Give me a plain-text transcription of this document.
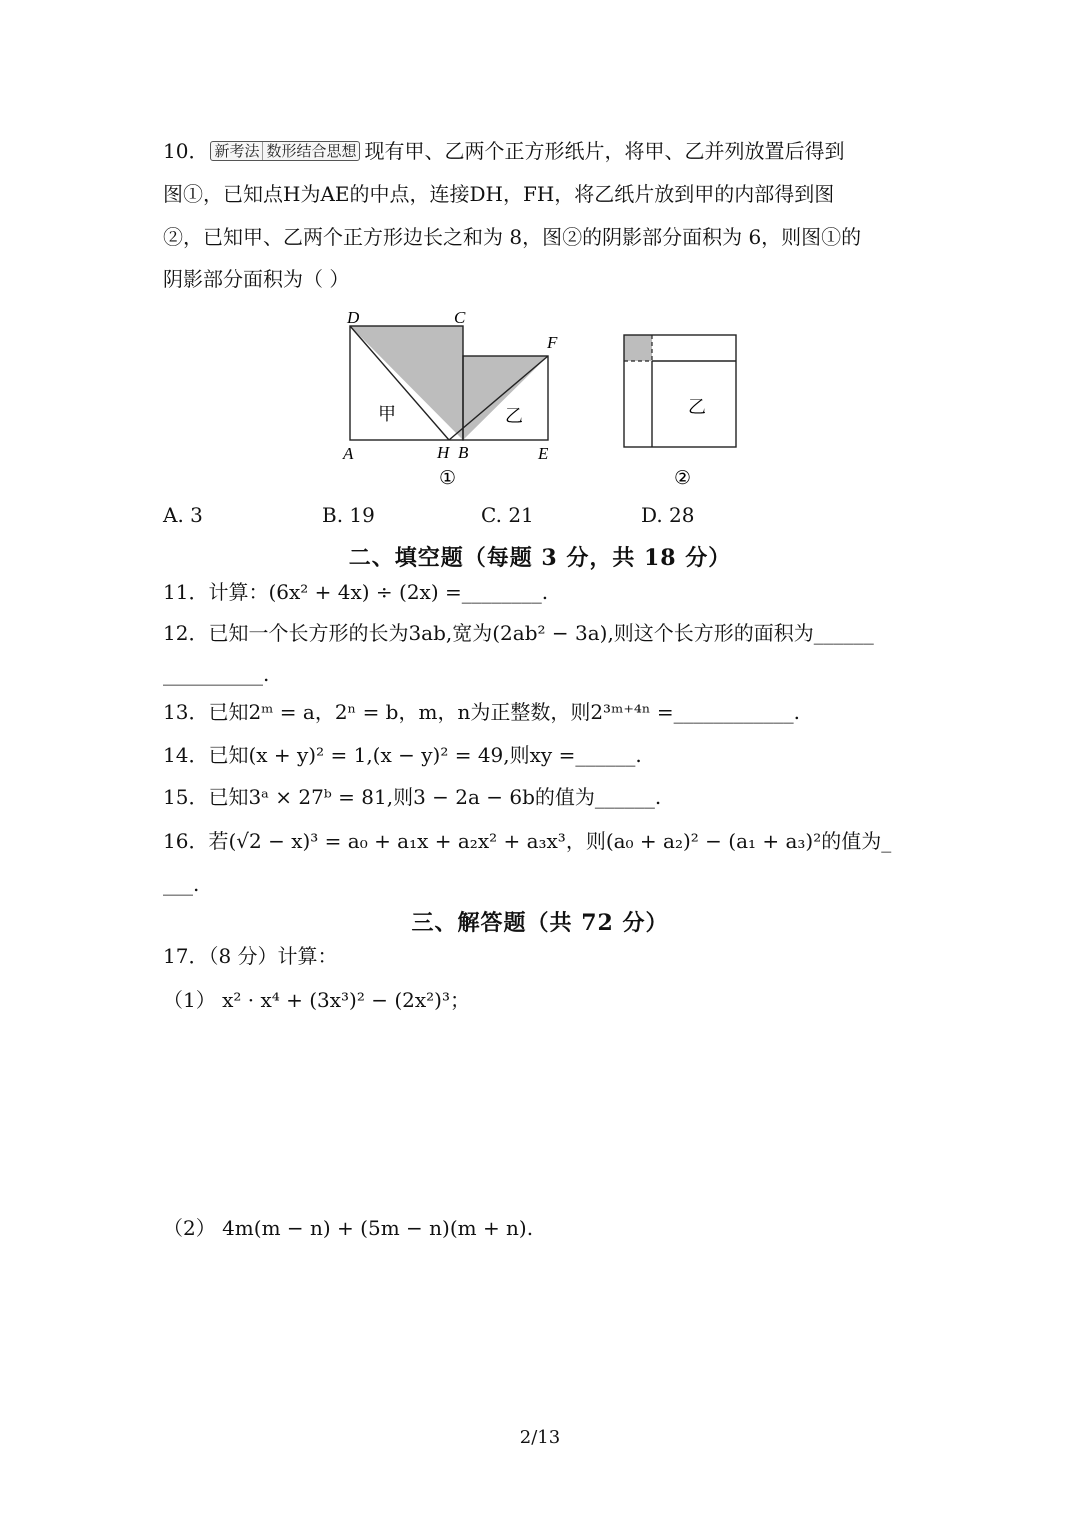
10． 新考法 数形结合思想 现有甲、乙两个正方形纸片，将甲、乙并列放置后得到
图①，已知点H为AE的中点，连接DH，FH，将乙纸片放到甲的内部得到图
②，已知甲、乙两个正方形边长之和为 8，图②的阴影部分面积为 6，则图①的
阴影部分面积为（ ）
D	C
F
A	H B	E
甲	乙
①
乙
②
A. 3	B. 19	C. 21	D. 28
二、填空题（每题 3 分，共 18 分）
11．计算：(6x² + 4x) ÷ (2x) =________.
12．已知一个长方形的长为3ab,宽为(2ab² − 3a),则这个长方形的面积为______
__________.
13．已知2ᵐ = a，2ⁿ = b，m，n为正整数，则2³ᵐ⁺⁴ⁿ =____________.
14．已知(x + y)² = 1,(x − y)² = 49,则xy =______.
15．已知3ᵃ × 27ᵇ = 81,则3 − 2a − 6b的值为______.
16．若(√2 − x)³ = a₀ + a₁x + a₂x² + a₃x³，则(a₀ + a₂)² − (a₁ + a₃)²的值为_
___.
三、解答题（共 72 分）
17．（8 分）计算：
（1） x² · x⁴ + (3x³)² − (2x²)³；
（2） 4m(m − n) + (5m − n)(m + n).
2/13
